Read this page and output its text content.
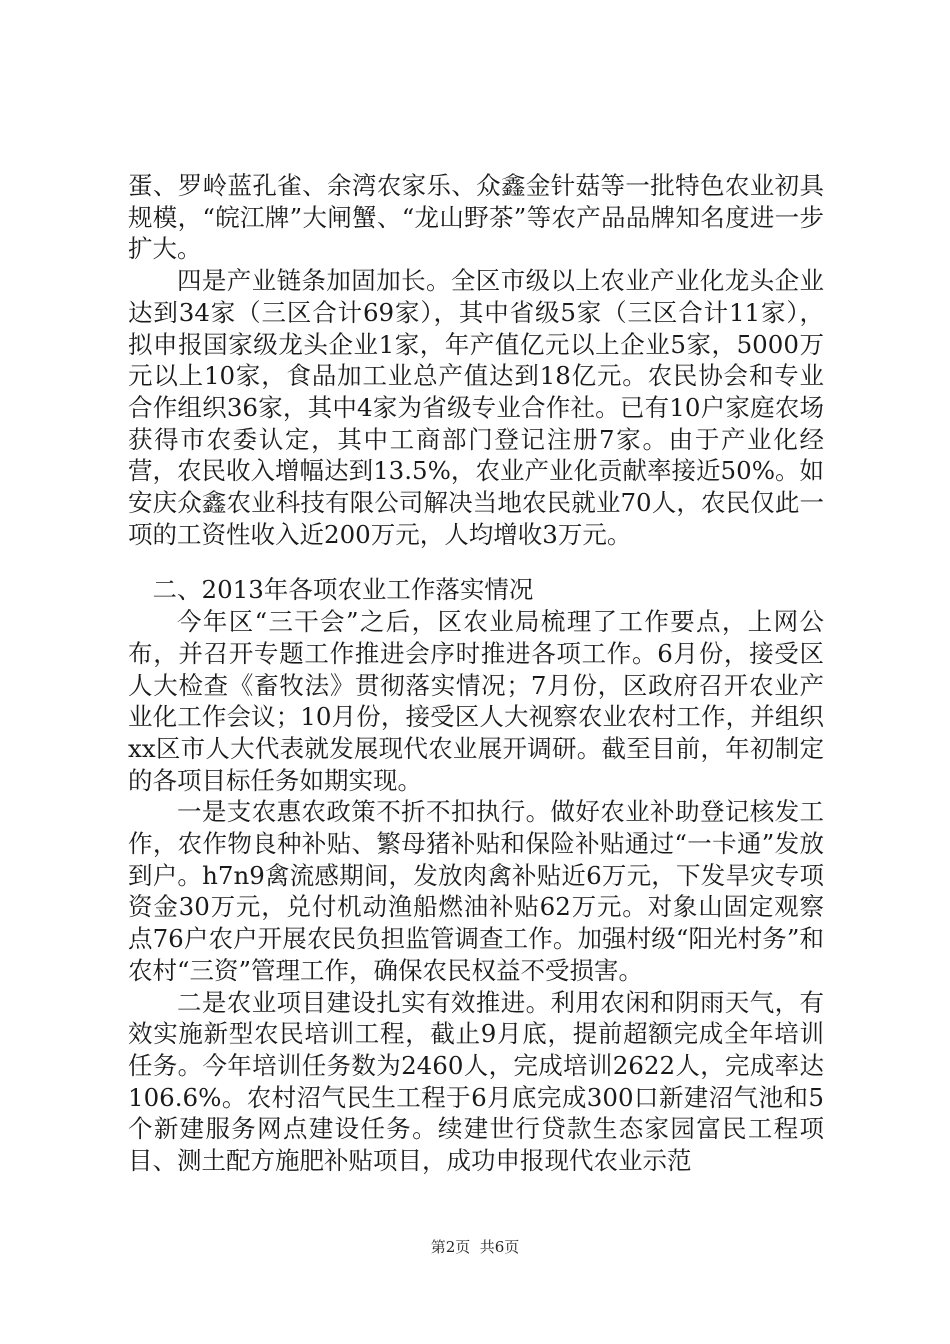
蛋、罗岭蓝孔雀、余湾农家乐、众鑫金针菇等一批特色农业初具规模，“皖江牌”大闸蟹、“龙山野茶”等农产品品牌知名度进一步扩大。

四是产业链条加固加长。全区市级以上农业产业化龙头企业达到34家（三区合计69家），其中省级5家（三区合计11家），拟申报国家级龙头企业1家，年产值亿元以上企业5家，5000万元以上10家，食品加工业总产值达到18亿元。农民协会和专业合作组织36家，其中4家为省级专业合作社。已有10户家庭农场获得市农委认定，其中工商部门登记注册7家。由于产业化经营，农民收入增幅达到13.5%，农业产业化贡献率接近50%。如安庆众鑫农业科技有限公司解决当地农民就业70人，农民仅此一项的工资性收入近200万元，人均增收3万元。

二、2013年各项农业工作落实情况

今年区“三干会”之后，区农业局梳理了工作要点，上网公布，并召开专题工作推进会序时推进各项工作。6月份，接受区人大检查《畜牧法》贯彻落实情况；7月份，区政府召开农业产业化工作会议；10月份，接受区人大视察农业农村工作，并组织xx区市人大代表就发展现代农业展开调研。截至目前，年初制定的各项目标任务如期实现。

一是支农惠农政策不折不扣执行。做好农业补助登记核发工作，农作物良种补贴、繁母猪补贴和保险补贴通过“一卡通”发放到户。h7n9禽流感期间，发放肉禽补贴近6万元，下发旱灾专项资金30万元，兑付机动渔船燃油补贴62万元。对象山固定观察点76户农户开展农民负担监管调查工作。加强村级“阳光村务”和农村“三资”管理工作，确保农民权益不受损害。

二是农业项目建设扎实有效推进。利用农闲和阴雨天气，有效实施新型农民培训工程，截止9月底，提前超额完成全年培训任务。今年培训任务数为2460人，完成培训2622人，完成率达106.6%。农村沼气民生工程于6月底完成300口新建沼气池和5个新建服务网点建设任务。续建世行贷款生态家园富民工程项目、测土配方施肥补贴项目，成功申报现代农业示范

第2页  共6页
